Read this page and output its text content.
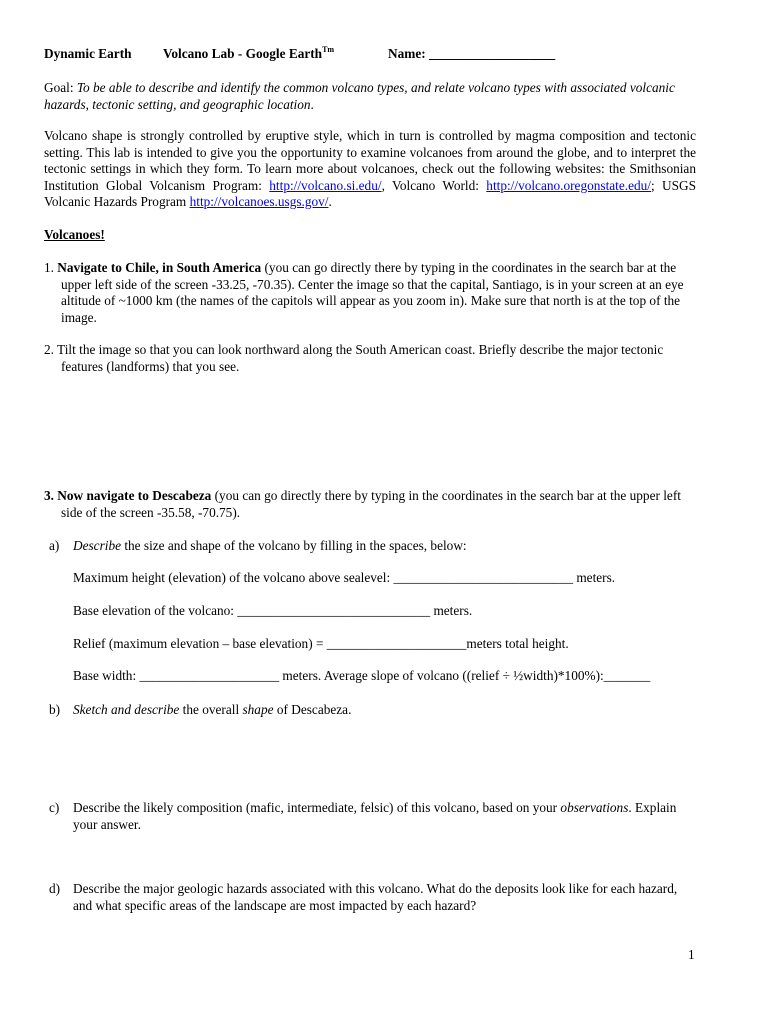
Dynamic Earth Volcano Lab - Google Earth$^{Tm}$	Name: ___________________
Goal: To be able to describe and identify the common volcano types, and relate volcano types with associated volcanic hazards, tectonic setting, and geographic location.
Volcano shape is strongly controlled by eruptive style, which in turn is controlled by magma composition and tectonic setting. This lab is intended to give you the opportunity to examine volcanoes from around the globe, and to interpret the tectonic settings in which they form. To learn more about volcanoes, check out the following websites: the Smithsonian Institution Global Volcanism Program: http://volcano.si.edu/, Volcano World: http://volcano.oregonstate.edu/; USGS Volcanic Hazards Program http://volcanoes.usgs.gov/.
Volcanoes!
1. Navigate to Chile, in South America (you can go directly there by typing in the coordinates in the search bar at the upper left side of the screen -33.25, -70.35). Center the image so that the capital, Santiago, is in your screen at an eye altitude of ~1000 km (the names of the capitols will appear as you zoom in). Make sure that north is at the top of the image.
2. Tilt the image so that you can look northward along the South American coast. Briefly describe the major tectonic features (landforms) that you see.
3. Now navigate to Descabeza (you can go directly there by typing in the coordinates in the search bar at the upper left side of the screen -35.58, -70.75).
a) Describe the size and shape of the volcano by filling in the spaces, below:
Maximum height (elevation) of the volcano above sealevel: ___________________________ meters.
Base elevation of the volcano: _____________________________ meters.
Relief (maximum elevation – base elevation) = _____________________meters total height.
Base width: _____________________ meters. Average slope of volcano ((relief ÷ ½width)*100%):_______
b) Sketch and describe the overall shape of Descabeza.
c) Describe the likely composition (mafic, intermediate, felsic) of this volcano, based on your observations. Explain your answer.
d) Describe the major geologic hazards associated with this volcano. What do the deposits look like for each hazard, and what specific areas of the landscape are most impacted by each hazard?
1
